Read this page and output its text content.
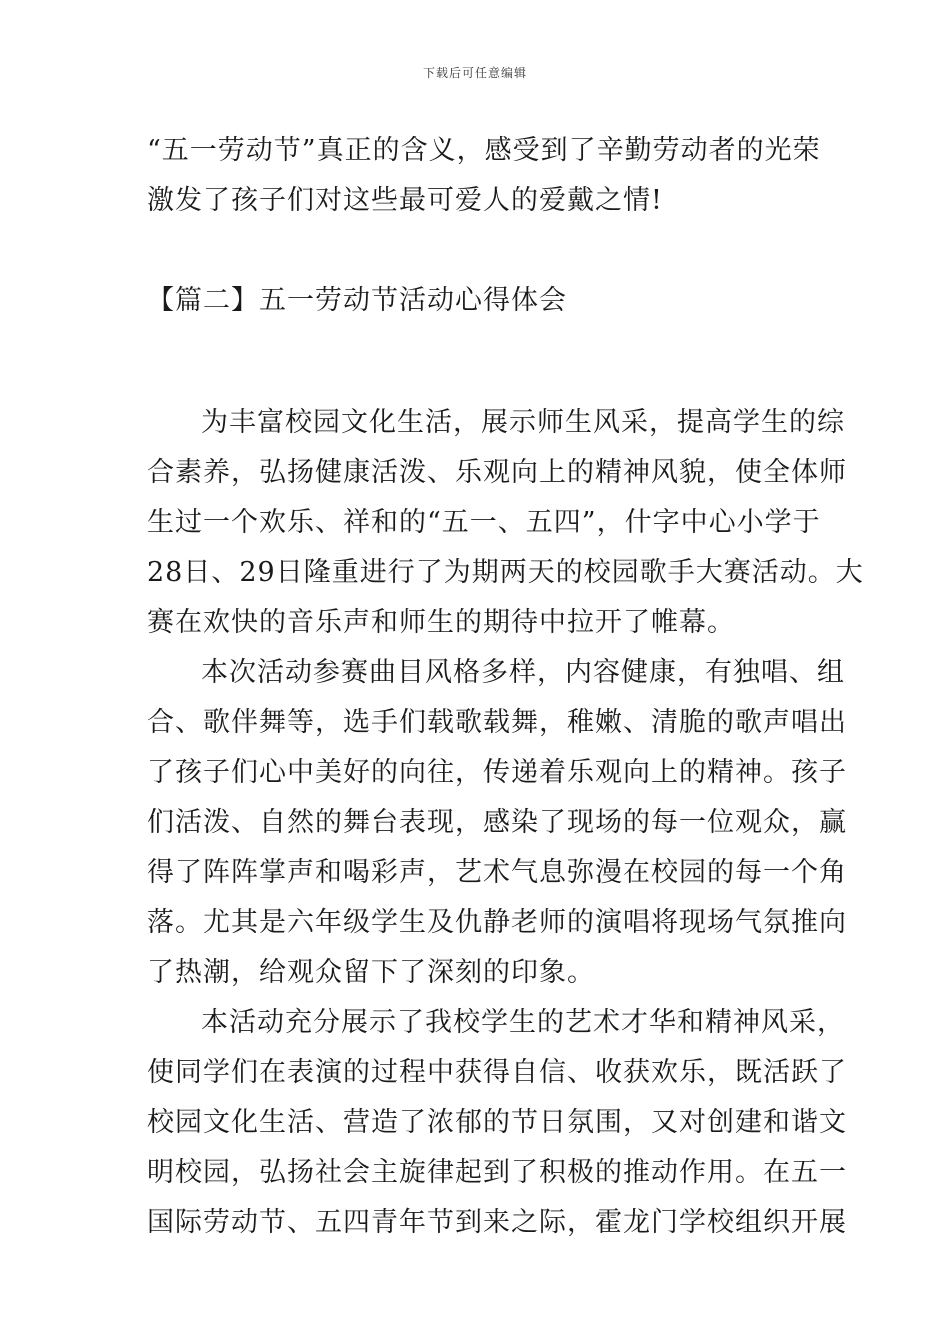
下载后可任意编辑
“五一劳动节”真正的含义，感受到了辛勤劳动者的光荣
激发了孩子们对这些最可爱人的爱戴之情!
【篇二】五一劳动节活动心得体会
为丰富校园文化生活，展示师生风采，提高学生的综
合素养，弘扬健康活泼、乐观向上的精神风貌，使全体师
生过一个欢乐、祥和的“五一、五四”，什字中心小学于
28日、29日隆重进行了为期两天的校园歌手大赛活动。大
赛在欢快的音乐声和师生的期待中拉开了帷幕。
本次活动参赛曲目风格多样，内容健康，有独唱、组
合、歌伴舞等，选手们载歌载舞，稚嫩、清脆的歌声唱出
了孩子们心中美好的向往，传递着乐观向上的精神。孩子
们活泼、自然的舞台表现，感染了现场的每一位观众，赢
得了阵阵掌声和喝彩声，艺术气息弥漫在校园的每一个角
落。尤其是六年级学生及仇静老师的演唱将现场气氛推向
了热潮，给观众留下了深刻的印象。
本活动充分展示了我校学生的艺术才华和精神风采，
使同学们在表演的过程中获得自信、收获欢乐，既活跃了
校园文化生活、营造了浓郁的节日氛围，又对创建和谐文
明校园，弘扬社会主旋律起到了积极的推动作用。在五一
国际劳动节、五四青年节到来之际，霍龙门学校组织开展
